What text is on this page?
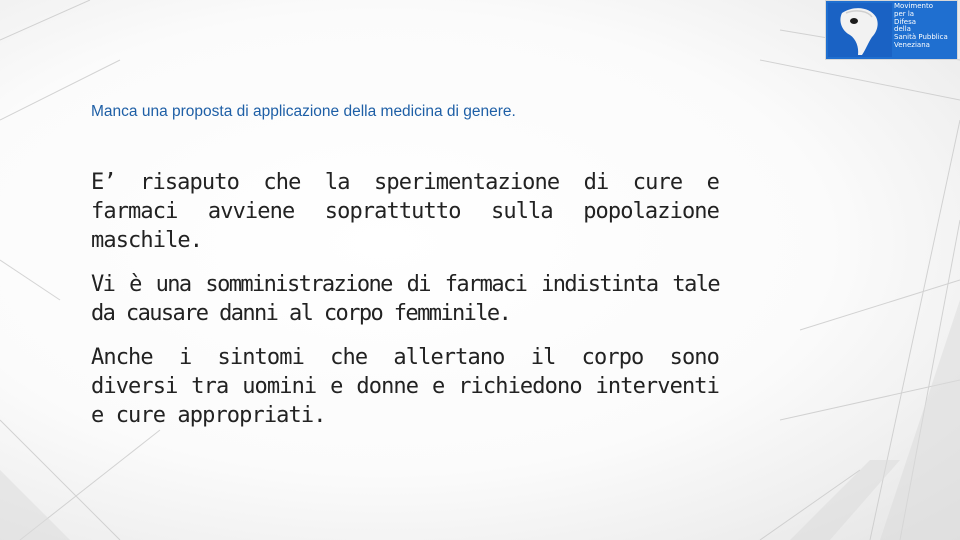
Movimento
per la
Difesa
della
Sanità Pubblica
Veneziana
Manca una proposta di applicazione della medicina di genere.

E’ risaputo che la sperimentazione di cure e farmaci avviene soprattutto sulla popolazione maschile.

Vi è una somministrazione di farmaci indistinta tale da causare danni al corpo femminile.

Anche i sintomi che allertano il corpo sono diversi tra uomini e donne e richiedono interventi e cure appropriati.
